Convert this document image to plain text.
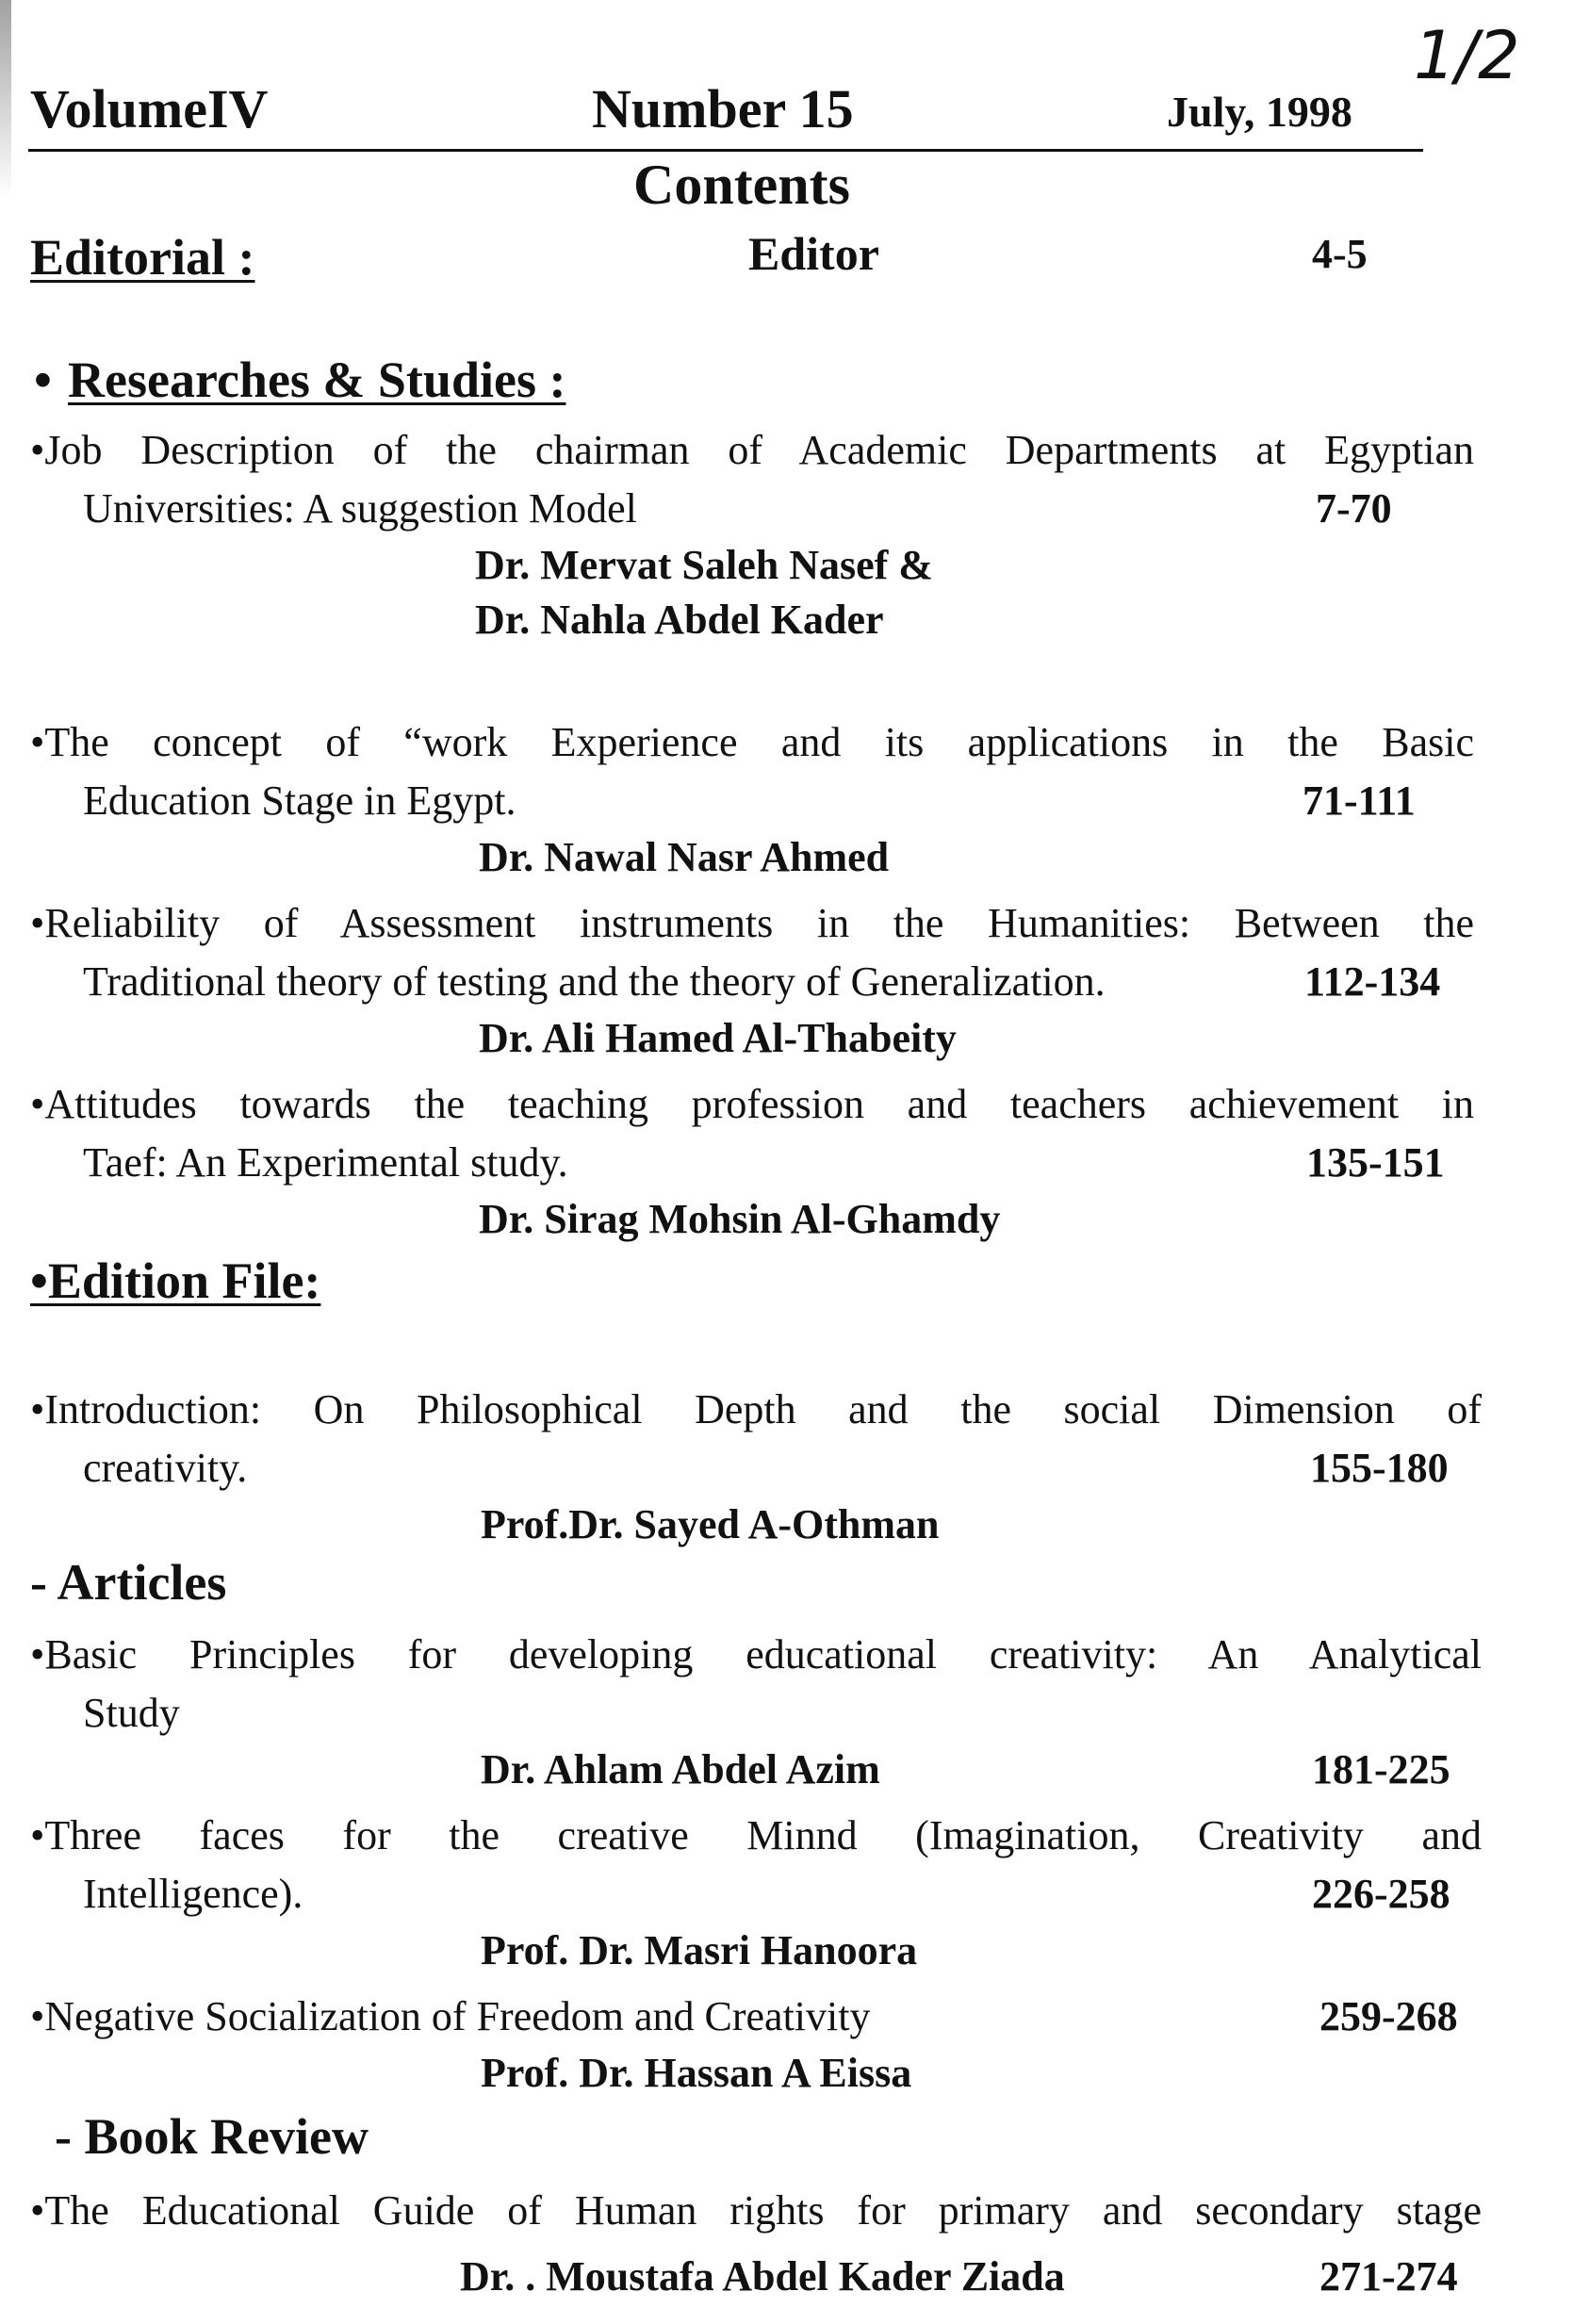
VolumeIV	Number 15	July, 1998
1/2
Contents
Editorial :	Editor	4-5
• Researches & Studies :
•Job Description of the chairman of Academic Departments at Egyptian
Universities: A suggestion Model	7-70
Dr. Mervat Saleh Nasef &
Dr. Nahla Abdel Kader
•The concept of “work Experience and its applications in the Basic
Education Stage in Egypt.	71-111
Dr. Nawal Nasr Ahmed
•Reliability of Assessment instruments in the Humanities: Between the
Traditional theory of testing and the theory of Generalization.	112-134
Dr. Ali Hamed Al-Thabeity
•Attitudes towards the teaching profession and teachers achievement in
Taef: An Experimental study.	135-151
Dr. Sirag Mohsin Al-Ghamdy
•Edition File:
•Introduction: On Philosophical Depth and the social Dimension of
creativity.	155-180
Prof.Dr. Sayed A-Othman
- Articles
•Basic Principles for developing educational creativity: An Analytical
Study
Dr. Ahlam Abdel Azim	181-225
•Three faces for the creative Minnd (Imagination, Creativity and
Intelligence).	226-258
Prof. Dr. Masri Hanoora
•Negative Socialization of Freedom and Creativity	259-268
Prof. Dr. Hassan A Eissa
- Book Review
•The Educational Guide of Human rights for primary and secondary stage
Dr. . Moustafa Abdel Kader Ziada	271-274
